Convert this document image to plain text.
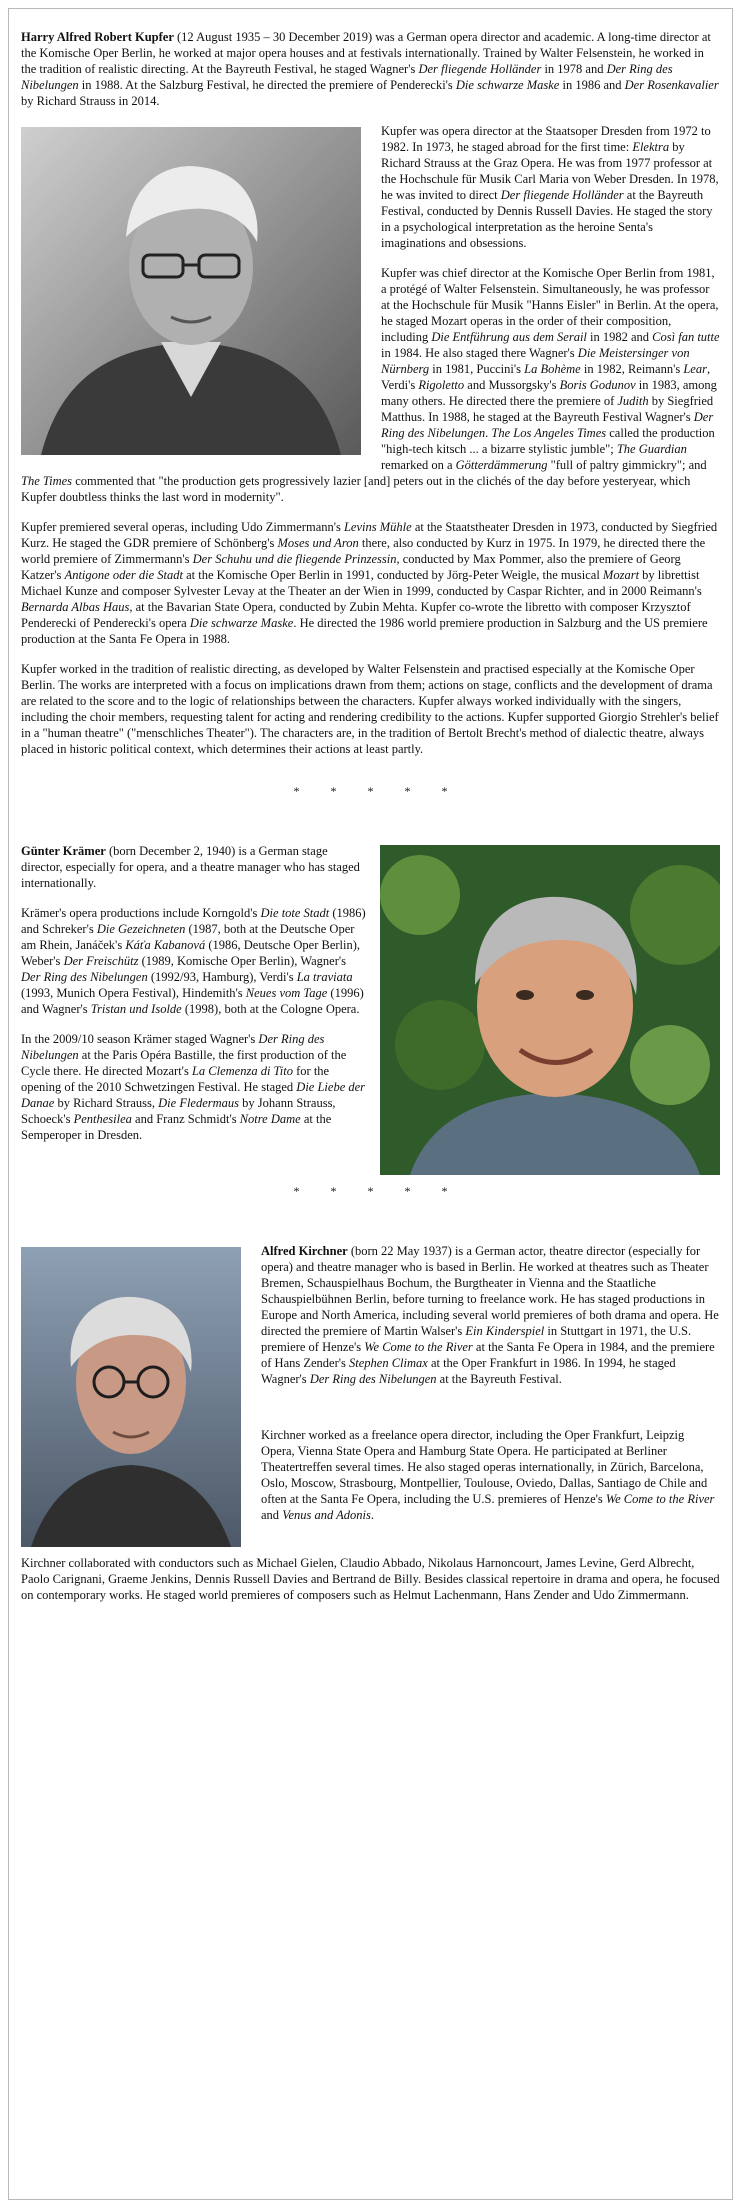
Harry Alfred Robert Kupfer (12 August 1935 – 30 December 2019) was a German opera director and academic. A long-time director at the Komische Oper Berlin, he worked at major opera houses and at festivals internationally. Trained by Walter Felsenstein, he worked in the tradition of realistic directing. At the Bayreuth Festival, he staged Wagner's Der fliegende Holländer in 1978 and Der Ring des Nibelungen in 1988. At the Salzburg Festival, he directed the premiere of Penderecki's Die schwarze Maske in 1986 and Der Rosenkavalier by Richard Strauss in 2014.

Kupfer was opera director at the Staatsoper Dresden from 1972 to 1982. In 1973, he staged abroad for the first time: Elektra by Richard Strauss at the Graz Opera. He was from 1977 professor at the Hochschule für Musik Carl Maria von Weber Dresden. In 1978, he was invited to direct Der fliegende Holländer at the Bayreuth Festival, conducted by Dennis Russell Davies. He staged the story in a psychological interpretation as the heroine Senta's imaginations and obsessions.

Kupfer was chief director at the Komische Oper Berlin from 1981, a protégé of Walter Felsenstein. Simultaneously, he was professor at the Hochschule für Musik "Hanns Eisler" in Berlin. At the opera, he staged Mozart operas in the order of their composition, including Die Entführung aus dem Serail in 1982 and Così fan tutte in 1984. He also staged there Wagner's Die Meistersinger von Nürnberg in 1981, Puccini's La Bohème in 1982, Reimann's Lear, Verdi's Rigoletto and Mussorgsky's Boris Godunov in 1983, among many others. He directed there the premiere of Judith by Siegfried Matthus. In 1988, he staged at the Bayreuth Festival Wagner's Der Ring des Nibelungen. The Los Angeles Times called the production "high-tech kitsch ... a bizarre stylistic jumble"; The Guardian remarked on a Götterdämmerung "full of paltry gimmickry"; and The Times commented that "the production gets progressively lazier [and] peters out in the clichés of the day before yesteryear, which Kupfer doubtless thinks the last word in modernity".

Kupfer premiered several operas, including Udo Zimmermann's Levins Mühle at the Staatstheater Dresden in 1973, conducted by Siegfried Kurz. He staged the GDR premiere of Schönberg's Moses und Aron there, also conducted by Kurz in 1975. In 1979, he directed there the world premiere of Zimmermann's Der Schuhu und die fliegende Prinzessin, conducted by Max Pommer, also the premiere of Georg Katzer's Antigone oder die Stadt at the Komische Oper Berlin in 1991, conducted by Jörg-Peter Weigle, the musical Mozart by librettist Michael Kunze and composer Sylvester Levay at the Theater an der Wien in 1999, conducted by Caspar Richter, and in 2000 Reimann's Bernarda Albas Haus, at the Bavarian State Opera, conducted by Zubin Mehta. Kupfer co-wrote the libretto with composer Krzysztof Penderecki of Penderecki's opera Die schwarze Maske. He directed the 1986 world premiere production in Salzburg and the US premiere production at the Santa Fe Opera in 1988.

Kupfer worked in the tradition of realistic directing, as developed by Walter Felsenstein and practised especially at the Komische Oper Berlin. The works are interpreted with a focus on implications drawn from them; actions on stage, conflicts and the development of drama are related to the score and to the logic of relationships between the characters. Kupfer always worked individually with the singers, including the choir members, requesting talent for acting and rendering credibility to the actions. Kupfer supported Giorgio Strehler's belief in a "human theatre" ("menschliches Theater"). The characters are, in the tradition of Bertolt Brecht's method of dialectic theatre, always placed in historic political context, which determines their actions at least partly.

* * * * *

Günter Krämer (born December 2, 1940) is a German stage director, especially for opera, and a theatre manager who has staged internationally.

Krämer's opera productions include Korngold's Die tote Stadt (1986) and Schreker's Die Gezeichneten (1987, both at the Deutsche Oper am Rhein, Janáček's Káťa Kabanová (1986, Deutsche Oper Berlin), Weber's Der Freischütz (1989, Komische Oper Berlin), Wagner's Der Ring des Nibelungen (1992/93, Hamburg), Verdi's La traviata (1993, Munich Opera Festival), Hindemith's Neues vom Tage (1996) and Wagner's Tristan und Isolde (1998), both at the Cologne Opera.

In the 2009/10 season Krämer staged Wagner's Der Ring des Nibelungen at the Paris Opéra Bastille, the first production of the Cycle there. He directed Mozart's La Clemenza di Tito for the opening of the 2010 Schwetzingen Festival. He staged Die Liebe der Danae by Richard Strauss, Die Fledermaus by Johann Strauss, Schoeck's Penthesilea and Franz Schmidt's Notre Dame at the Semperoper in Dresden.

* * * * *

Alfred Kirchner (born 22 May 1937) is a German actor, theatre director (especially for opera) and theatre manager who is based in Berlin. He worked at theatres such as Theater Bremen, Schauspielhaus Bochum, the Burgtheater in Vienna and the Staatliche Schauspielbühnen Berlin, before turning to freelance work. He has staged productions in Europe and North America, including several world premieres of both drama and opera. He directed the premiere of Martin Walser's Ein Kinderspiel in Stuttgart in 1971, the U.S. premiere of Henze's We Come to the River at the Santa Fe Opera in 1984, and the premiere of Hans Zender's Stephen Climax at the Oper Frankfurt in 1986. In 1994, he staged Wagner's Der Ring des Nibelungen at the Bayreuth Festival.

Kirchner worked as a freelance opera director, including the Oper Frankfurt, Leipzig Opera, Vienna State Opera and Hamburg State Opera. He participated at Berliner Theatertreffen several times. He also staged operas internationally, in Zürich, Barcelona, Oslo, Moscow, Strasbourg, Montpellier, Toulouse, Oviedo, Dallas, Santiago de Chile and often at the Santa Fe Opera, including the U.S. premieres of Henze's We Come to the River and Venus and Adonis.

Kirchner collaborated with conductors such as Michael Gielen, Claudio Abbado, Nikolaus Harnoncourt, James Levine, Gerd Albrecht, Paolo Carignani, Graeme Jenkins, Dennis Russell Davies and Bertrand de Billy. Besides classical repertoire in drama and opera, he focused on contemporary works. He staged world premieres of composers such as Helmut Lachenmann, Hans Zender and Udo Zimmermann.
